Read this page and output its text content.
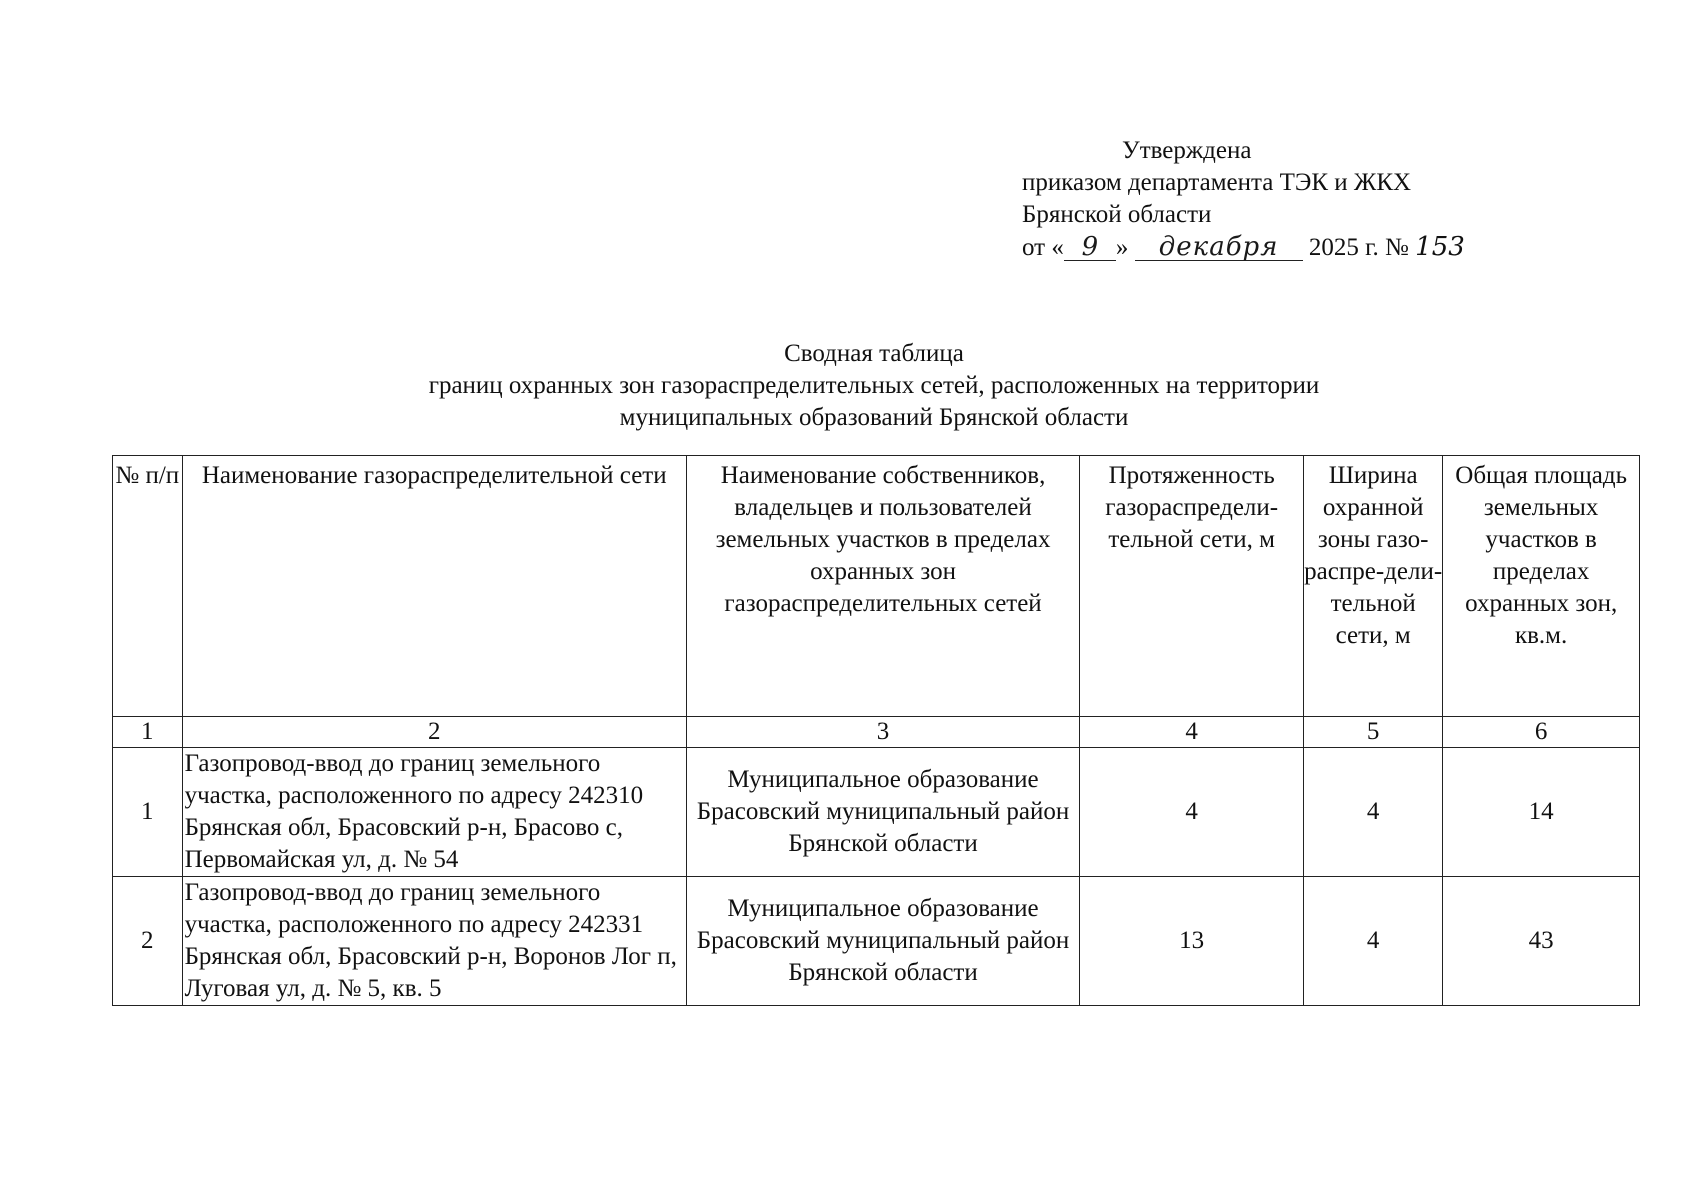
Утверждена
приказом департамента ТЭК и ЖКХ
Брянской области
от « 9 » декабря 2025 г. № 153
Сводная таблица
границ охранных зон газораспределительных сетей, расположенных на территории
муниципальных образований Брянской области
№ п/п	Наименование газораспределительной сети	Наименование собственников, владельцев и пользователей земельных участков в пределах охранных зон газораспределительных сетей	Протяженность газораспредели-тельной сети, м	Ширина охранной зоны газо-распре-дели-тельной сети, м	Общая площадь земельных участков в пределах охранных зон, кв.м.
1	2	3	4	5	6
1	Газопровод-ввод до границ земельного участка, расположенного по адресу 242310 Брянская обл, Брасовский р-н, Брасово с, Первомайская ул, д. № 54	Муниципальное образование Брасовский муниципальный район Брянской области	4	4	14
2	Газопровод-ввод до границ земельного участка, расположенного по адресу 242331 Брянская обл, Брасовский р-н, Воронов Лог п, Луговая ул, д. № 5, кв. 5	Муниципальное образование Брасовский муниципальный район Брянской области	13	4	43
